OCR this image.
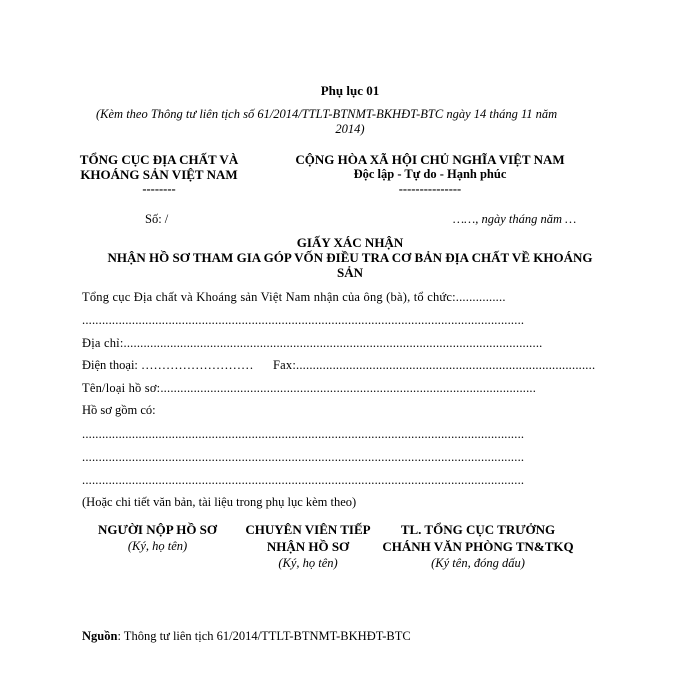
Phụ lục 01
(Kèm theo Thông tư liên tịch số 61/2014/TTLT-BTNMT-BKHĐT-BTC ngày 14 tháng 11 năm
2014)
TỔNG CỤC ĐỊA CHẤT VÀ
KHOÁNG SẢN VIỆT NAM
--------
CỘNG HÒA XÃ HỘI CHỦ NGHĨA VIỆT NAM
Độc lập - Tự do - Hạnh phúc
---------------
Số: /	……, ngày tháng năm …
GIẤY XÁC NHẬN
NHẬN HỒ SƠ THAM GIA GÓP VỐN ĐIỀU TRA CƠ BẢN ĐỊA CHẤT VỀ KHOÁNG
SẢN
Tổng cục Địa chất và Khoáng sản Việt Nam nhận của ông (bà), tổ chức:...............
.....................................................................................................................................
Địa chỉ:..............................................................................................................................
Điện thoại: ……………………… Fax:..........................................................................................
Tên/loại hồ sơ:.................................................................................................................
Hồ sơ gồm có:
.....................................................................................................................................
.....................................................................................................................................
.....................................................................................................................................
(Hoặc chi tiết văn bản, tài liệu trong phụ lục kèm theo)
NGƯỜI NỘP HỒ SƠ
(Ký, họ tên)
CHUYÊN VIÊN TIẾP
NHẬN HỒ SƠ
(Ký, họ tên)
TL. TỔNG CỤC TRƯỞNG
CHÁNH VĂN PHÒNG TN&TKQ
(Ký tên, đóng dấu)
Nguồn: Thông tư liên tịch 61/2014/TTLT-BTNMT-BKHĐT-BTC
